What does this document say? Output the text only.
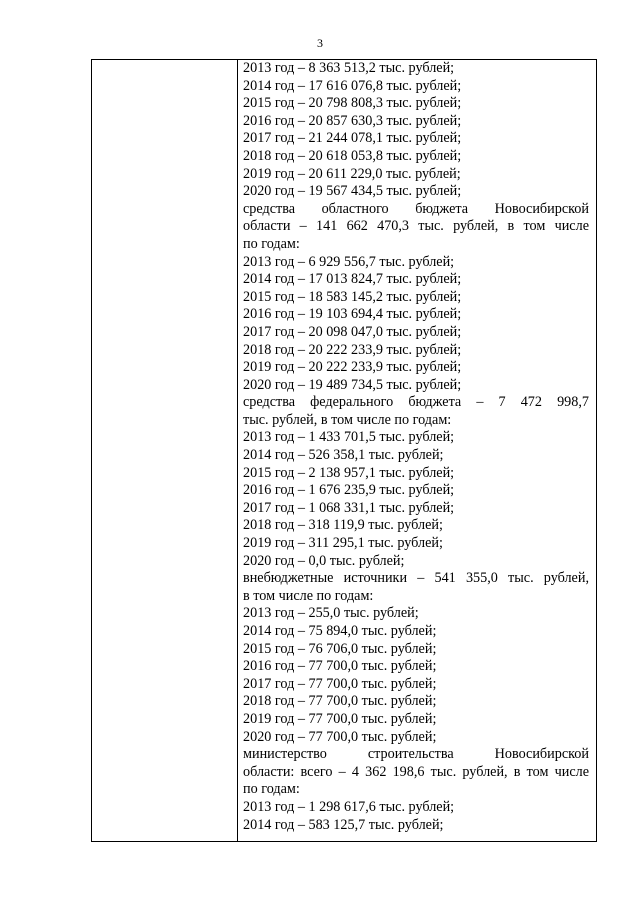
3
2013 год – 8 363 513,2 тыс. рублей;
2014 год – 17 616 076,8 тыс. рублей;
2015 год – 20 798 808,3 тыс. рублей;
2016 год – 20 857 630,3 тыс. рублей;
2017 год – 21 244 078,1 тыс. рублей;
2018 год – 20 618 053,8 тыс. рублей;
2019 год – 20 611 229,0 тыс. рублей;
2020 год – 19 567 434,5 тыс. рублей;
средства областного бюджета Новосибирской
области – 141 662 470,3 тыс. рублей, в том числе
по годам:
2013 год – 6 929 556,7 тыс. рублей;
2014 год – 17 013 824,7 тыс. рублей;
2015 год – 18 583 145,2 тыс. рублей;
2016 год – 19 103 694,4 тыс. рублей;
2017 год – 20 098 047,0 тыс. рублей;
2018 год – 20 222 233,9 тыс. рублей;
2019 год – 20 222 233,9 тыс. рублей;
2020 год – 19 489 734,5 тыс. рублей;
средства федерального бюджета – 7 472 998,7
тыс. рублей, в том числе по годам:
2013 год – 1 433 701,5 тыс. рублей;
2014 год – 526 358,1 тыс. рублей;
2015 год – 2 138 957,1 тыс. рублей;
2016 год – 1 676 235,9 тыс. рублей;
2017 год – 1 068 331,1 тыс. рублей;
2018 год – 318 119,9 тыс. рублей;
2019 год – 311 295,1 тыс. рублей;
2020 год – 0,0 тыс. рублей;
внебюджетные источники – 541 355,0 тыс. рублей,
в том числе по годам:
2013 год – 255,0 тыс. рублей;
2014 год – 75 894,0 тыс. рублей;
2015 год – 76 706,0 тыс. рублей;
2016 год – 77 700,0 тыс. рублей;
2017 год – 77 700,0 тыс. рублей;
2018 год – 77 700,0 тыс. рублей;
2019 год – 77 700,0 тыс. рублей;
2020 год – 77 700,0 тыс. рублей;
министерство строительства Новосибирской
области: всего – 4 362 198,6 тыс. рублей, в том числе
по годам:
2013 год – 1 298 617,6 тыс. рублей;
2014 год – 583 125,7 тыс. рублей;
